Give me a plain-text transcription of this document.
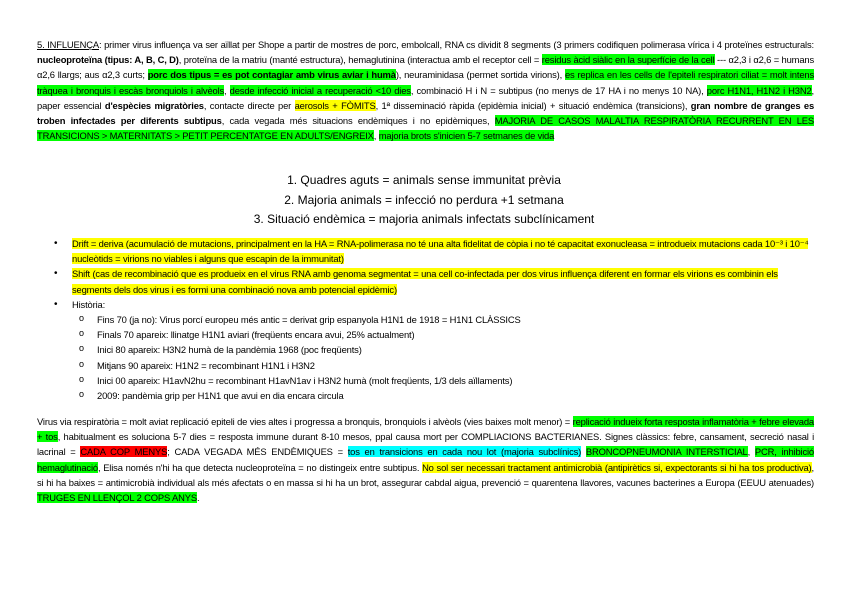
5. INFLUENÇA: primer virus influença va ser aïllat per Shope a partir de mostres de porc, embolcall, RNA cs dividit 8 segments (3 primers codifiquen polimerasa vírica i 4 proteïnes estructurals: nucleoproteïna (tipus: A, B, C, D), proteïna de la matriu (manté estructura), hemaglutinina (interactua amb el receptor cell = residus àcid siàlic en la superfície de la cell --- α2,3 i α2,6 = humans α2,6 llargs; aus α2,3 curts; porc dos tipus = es pot contagiar amb virus aviar i humà), neuraminidasa (permet sortida virions), es replica en les cells de l'epiteli respiratori ciliat = molt intens tràquea i bronquis i escàs bronquiols i alvèols, desde infecció inicial a recuperació <10 dies, combinació H i N = subtipus (no menys de 17 HA i no menys 10 NA), porc H1N1, H1N2 i H3N2, paper essencial d'espècies migratòries, contacte directe per aerosols + FÒMITS, 1ª disseminació ràpida (epidèmia inicial) + situació endèmica (transicions), gran nombre de granges es troben infectades per diferents subtipus, cada vegada més situacions endèmiques i no epidèmiques, MAJORIA DE CASOS MALALTIA RESPIRATÒRIA RECURRENT EN LES TRANSICIONS > MATERNITATS > PETIT PERCENTATGE EN ADULTS/ENGREIX, majoria brots s'inicien 5-7 setmanes de vida
1. Quadres aguts = animals sense immunitat prèvia
2. Majoria animals = infecció no perdura +1 setmana
3. Situació endèmica = majoria animals infectats subclínicament
• Drift = deriva (acumulació de mutacions, principalment en la HA = RNA-polimerasa no té una alta fidelitat de còpia i no té capacitat exonucleasa = introdueix mutacions cada 10⁻³ i 10⁻⁴ nucleòtids = virions no viables i alguns que escapin de la immunitat)
• Shift (cas de recombinació que es produeix en el virus RNA amb genoma segmentat = una cell co-infectada per dos virus influença diferent en formar els virions es combinin els segments dels dos virus i es formi una combinació nova amb potencial epidèmic)
• Història:
o Fins 70 (ja no): Virus porcí europeu més antic = derivat grip espanyola H1N1 de 1918 = H1N1 CLÀSSICS
o Finals 70 apareix: llinatge H1N1 aviari (freqüents encara avui, 25% actualment)
o Inici 80 apareix: H3N2 humà de la pandèmia 1968 (poc freqüents)
o Mitjans 90 apareix: H1N2 = recombinant H1N1 i H3N2
o Inici 00 apareix: H1avN2hu = recombinant H1avN1av i H3N2 humà (molt freqüents, 1/3 dels aïllaments)
o 2009: pandèmia grip per H1N1 que avui en dia encara circula
Virus via respiratòria = molt aviat replicació epiteli de vies altes i progressa a bronquis, bronquiols i alvèols (vies baixes molt menor) = replicació indueix forta resposta inflamatòria + febre elevada + tos, habitualment es soluciona 5-7 dies = resposta immune durant 8-10 mesos, ppal causa mort per COMPLIACIONS BACTERIANES. Signes clàssics: febre, cansament, secreció nasal i lacrinal = CADA COP MENYS; CADA VEGADA MÉS ENDÈMIQUES = tos en transicions en cada nou lot (majoria subclínics) BRONCOPNEUMONIA INTERSTICIAL, PCR, inhibició hemaglutinació, Elisa només n'hi ha que detecta nucleoproteïna = no distingeix entre subtipus. No sol ser necessari tractament antimicrobià (antipirètics si, expectorants si hi ha tos productiva), si hi ha baixes = antimicrobià individual als més afectats o en massa si hi ha un brot, assegurar cabdal aigua, prevenció = quarentena llavores, vacunes bacterines a Europa (EEUU atenuades) TRUGES EN LLENÇOL 2 COPS ANYS.
